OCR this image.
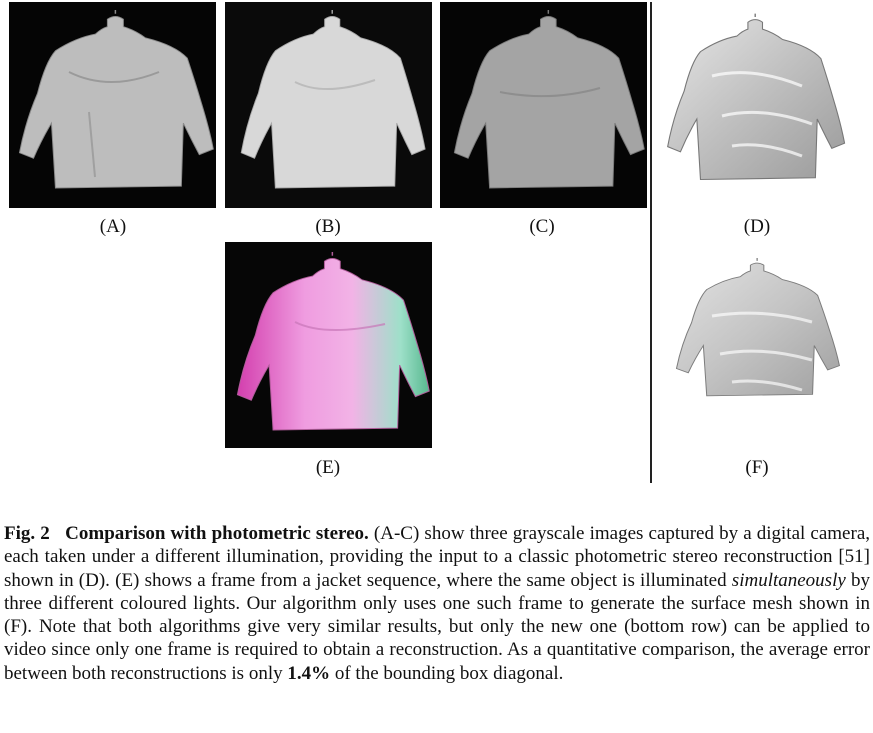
(A)	(B)	(C)	(D)
(E)	(F)
Fig. 2 Comparison with photometric stereo. (A-C) show three grayscale images captured by a digital camera, each taken under a different illumination, providing the input to a classic photometric stereo reconstruction [51] shown in (D). (E) shows a frame from a jacket sequence, where the same object is illuminated simultaneously by three different coloured lights. Our algorithm only uses one such frame to generate the surface mesh shown in (F). Note that both algorithms give very similar results, but only the new one (bottom row) can be applied to video since only one frame is required to obtain a reconstruction. As a quantitative comparison, the average error between both reconstructions is only 1.4% of the bounding box diagonal.
